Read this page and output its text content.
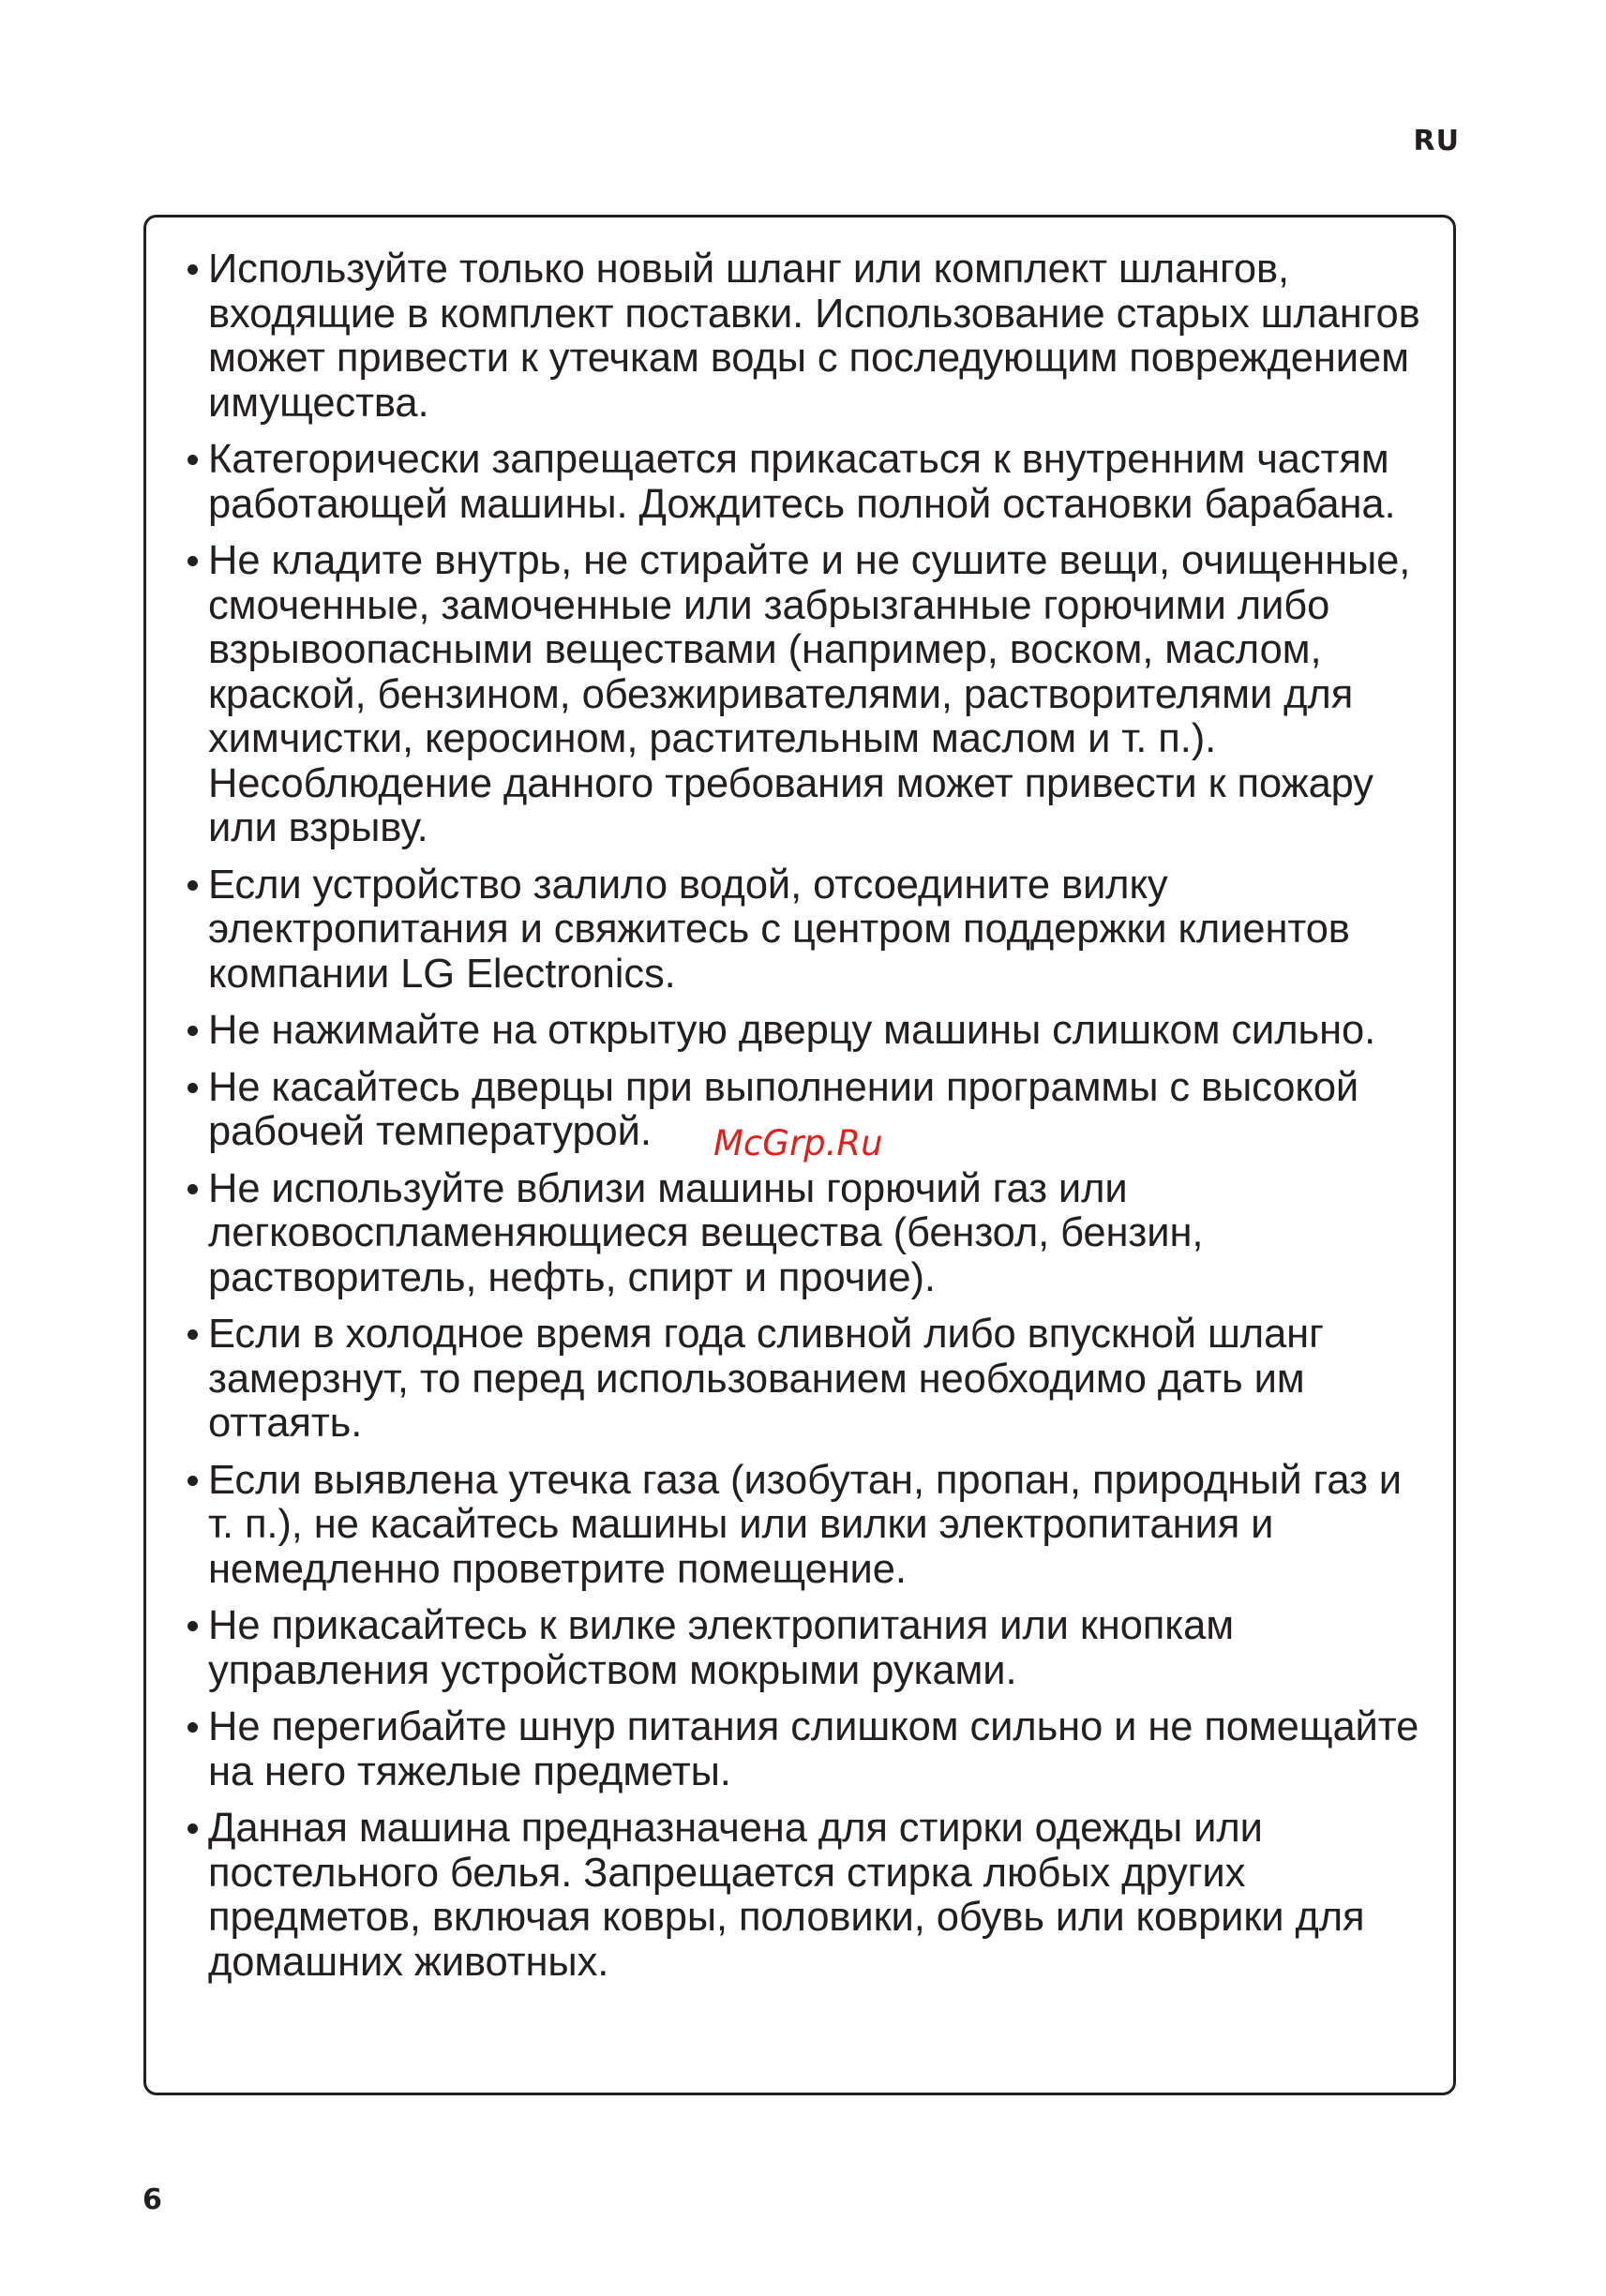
RU
Используйте только новый шланг или комплект шлангов, входящие в комплект поставки. Использование старых шлангов может привести к утечкам воды с последующим повреждением имущества.
Категорически запрещается прикасаться к внутренним частям работающей машины. Дождитесь полной остановки барабана.
Не кладите внутрь, не стирайте и не сушите вещи, очищенные, смоченные, замоченные или забрызганные горючими либо взрывоопасными веществами (например, воском, маслом, краской, бензином, обезжиривателями, растворителями для химчистки, керосином, растительным маслом и т. п.). Несоблюдение данного требования может привести к пожару или взрыву.
Если устройство залило водой, отсоедините вилку электропитания и свяжитесь с центром поддержки клиентов компании LG Electronics.
Не нажимайте на открытую дверцу машины слишком сильно.
Не касайтесь дверцы при выполнении программы с высокой рабочей температурой.
Не используйте вблизи машины горючий газ или легковоспламеняющиеся вещества (бензол, бензин, растворитель, нефть, спирт и прочие).
Если в холодное время года сливной либо впускной шланг замерзнут, то перед использованием необходимо дать им оттаять.
Если выявлена утечка газа (изобутан, пропан, природный газ и т. п.), не касайтесь машины или вилки электропитания и немедленно проветрите помещение.
Не прикасайтесь к вилке электропитания или кнопкам управления устройством мокрыми руками.
Не перегибайте шнур питания слишком сильно и не помещайте на него тяжелые предметы.
Данная машина предназначена для стирки одежды или постельного белья. Запрещается стирка любых других предметов, включая ковры, половики, обувь или коврики для домашних животных.
McGrp.Ru
6
